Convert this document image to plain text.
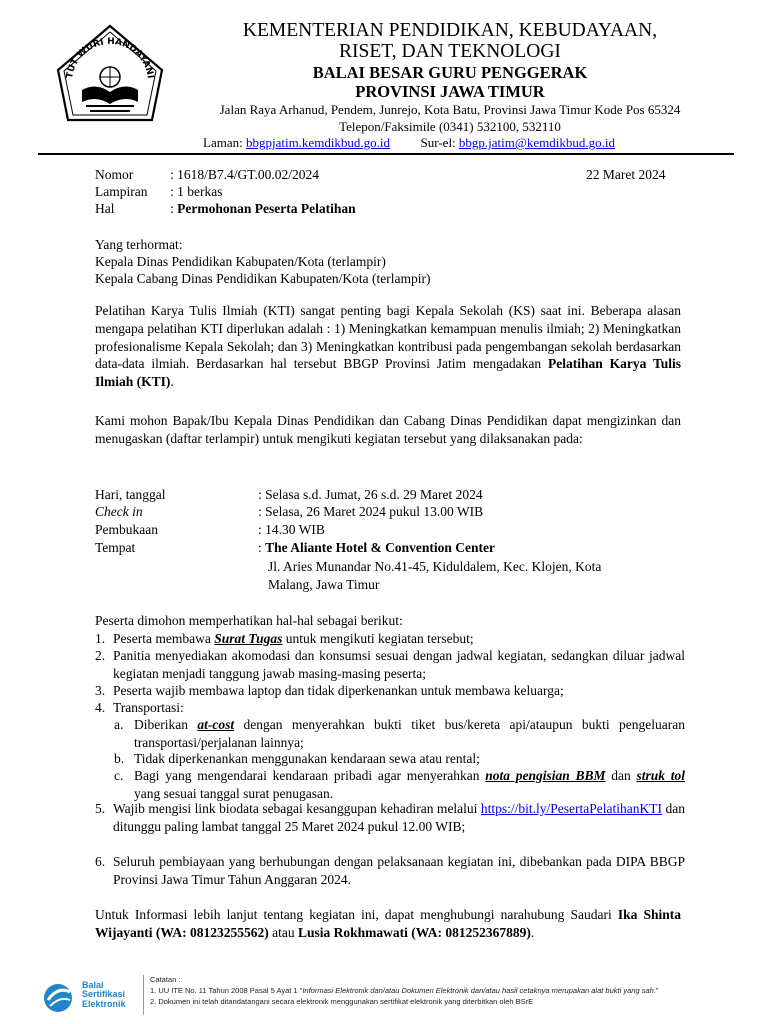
TUT WURI HANDAYANI
KEMENTERIAN PENDIDIKAN, KEBUDAYAAN,
RISET, DAN TEKNOLOGI
BALAI BESAR GURU PENGGERAK
PROVINSI JAWA TIMUR
Jalan Raya Arhanud, Pendem, Junrejo, Kota Batu, Provinsi Jawa Timur Kode Pos 65324
Telepon/Faksimile (0341) 532100, 532110
Laman: bbgpjatim.kemdikbud.go.id Sur-el: bbgp.jatim@kemdikbud.go.id
Nomor	: 1618/B7.4/GT.00.02/2024	22 Maret 2024
Lampiran : 1 berkas
Hal	: Permohonan Peserta Pelatihan
Yang terhormat:
Kepala Dinas Pendidikan Kabupaten/Kota (terlampir)
Kepala Cabang Dinas Pendidikan Kabupaten/Kota (terlampir)
Pelatihan Karya Tulis Ilmiah (KTI) sangat penting bagi Kepala Sekolah (KS) saat ini. Beberapa alasan mengapa pelatihan KTI diperlukan adalah : 1) Meningkatkan kemampuan menulis ilmiah; 2) Meningkatkan profesionalisme Kepala Sekolah; dan 3) Meningkatkan kontribusi pada pengembangan sekolah berdasarkan data-data ilmiah. Berdasarkan hal tersebut BBGP Provinsi Jatim mengadakan Pelatihan Karya Tulis Ilmiah (KTI).
Kami mohon Bapak/Ibu Kepala Dinas Pendidikan dan Cabang Dinas Pendidikan dapat mengizinkan dan menugaskan (daftar terlampir) untuk mengikuti kegiatan tersebut yang dilaksanakan pada:
Hari, tanggal	: Selasa s.d. Jumat, 26 s.d. 29 Maret 2024
Check in	: Selasa, 26 Maret 2024 pukul 13.00 WIB
Pembukaan	: 14.30 WIB
Tempat	: The Aliante Hotel & Convention Center
Jl. Aries Munandar No.41-45, Kiduldalem, Kec. Klojen, Kota
Malang, Jawa Timur
Peserta dimohon memperhatikan hal-hal sebagai berikut:
1. Peserta membawa Surat Tugas untuk mengikuti kegiatan tersebut;
2. Panitia menyediakan akomodasi dan konsumsi sesuai dengan jadwal kegiatan, sedangkan diluar jadwal kegiatan menjadi tanggung jawab masing-masing peserta;
3. Peserta wajib membawa laptop dan tidak diperkenankan untuk membawa keluarga;
4. Transportasi:
a. Diberikan at-cost dengan menyerahkan bukti tiket bus/kereta api/ataupun bukti pengeluaran transportasi/perjalanan lainnya;
b. Tidak diperkenankan menggunakan kendaraan sewa atau rental;
c. Bagi yang mengendarai kendaraan pribadi agar menyerahkan nota pengisian BBM dan struk tol yang sesuai tanggal surat penugasan.
5. Wajib mengisi link biodata sebagai kesanggupan kehadiran melalui https://bit.ly/PesertaPelatihanKTI dan ditunggu paling lambat tanggal 25 Maret 2024 pukul 12.00 WIB;
6. Seluruh pembiayaan yang berhubungan dengan pelaksanaan kegiatan ini, dibebankan pada DIPA BBGP Provinsi Jawa Timur Tahun Anggaran 2024.
Untuk Informasi lebih lanjut tentang kegiatan ini, dapat menghubungi narahubung Saudari Ika Shinta Wijayanti (WA: 08123255562) atau Lusia Rokhmawati (WA: 081252367889).
Balai
Sertifikasi
Elektronik
Catatan :
1. UU ITE No. 11 Tahun 2008 Pasal 5 Ayat 1 "Informasi Elektronik dan/atau Dokumen Elektronik dan/atau hasil cetaknya merupakan alat bukti yang sah."
2. Dokumen ini telah ditandatangani secara elektronik menggunakan sertifikat elektronik yang diterbitkan oleh BSrE
